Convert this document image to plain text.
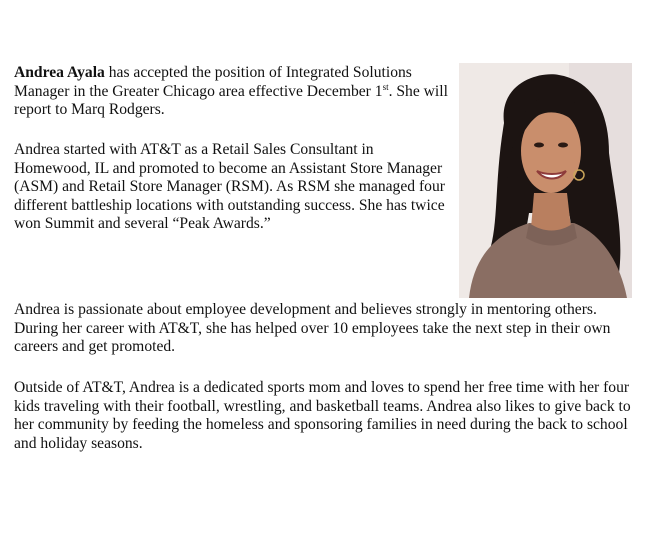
Andrea Ayala has accepted the position of Integrated Solutions Manager in the Greater Chicago area effective December 1st. She will report to Marq Rodgers.

Andrea started with AT&T as a Retail Sales Consultant in Homewood, IL and promoted to become an Assistant Store Manager (ASM) and Retail Store Manager (RSM). As RSM she managed four different battleship locations with outstanding success. She has twice won Summit and several “Peak Awards.”

Andrea is passionate about employee development and believes strongly in mentoring others. During her career with AT&T, she has helped over 10 employees take the next step in their own careers and get promoted.

Outside of AT&T, Andrea is a dedicated sports mom and loves to spend her free time with her four kids traveling with their football, wrestling, and basketball teams. Andrea also likes to give back to her community by feeding the homeless and sponsoring families in need during the back to school and holiday seasons.
